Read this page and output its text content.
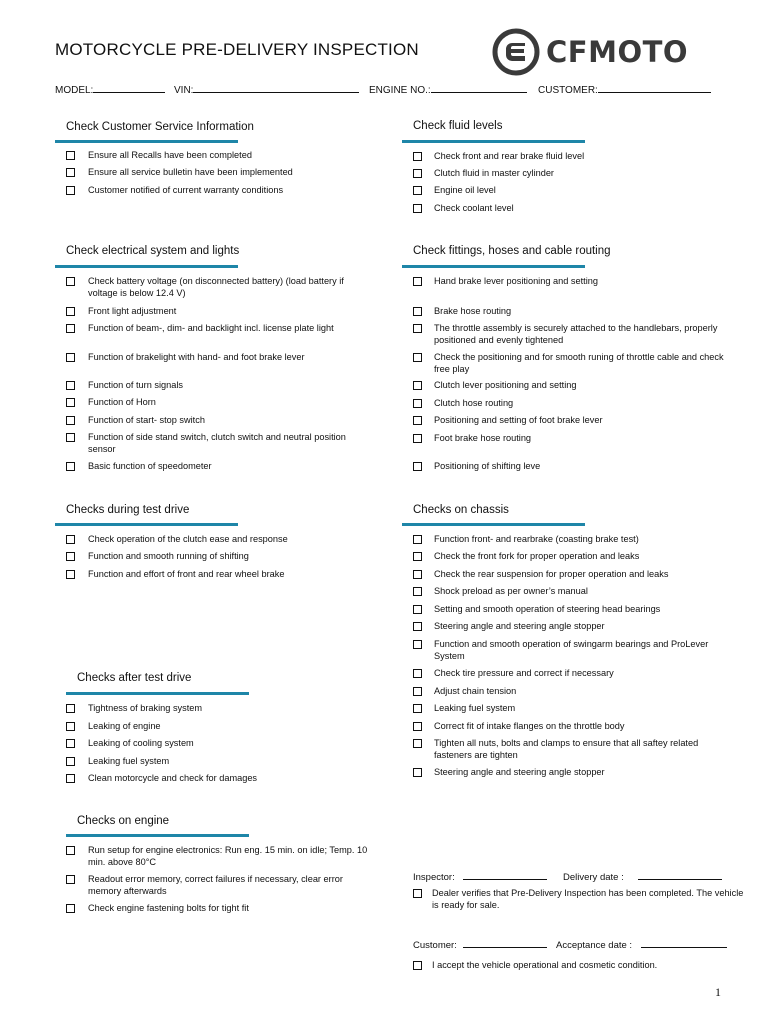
MOTORCYCLE PRE-DELIVERY INSPECTION	CFMOTO
MODEL:	VIN:	ENGINE NO.:	CUSTOMER:
Check Customer Service Information
Ensure all Recalls have been completed
Ensure all service bulletin have been implemented
Customer notified of current warranty conditions
Check fluid levels
Check front and rear brake fluid level
Clutch fluid in master cylinder
Engine oil level
Check coolant level
Check electrical system and lights
Check battery voltage (on disconnected battery) (load battery if voltage is below 12.4 V)
Front light adjustment
Function of beam-, dim- and backlight incl. license plate light
Function of brakelight with hand- and foot brake lever
Function of turn signals
Function of Horn
Function of start- stop switch
Function of side stand switch, clutch switch and neutral position sensor
Basic function of speedometer
Check fittings, hoses and cable routing
Hand brake lever positioning and setting
Brake hose routing
The throttle assembly is securely attached to the handlebars, properly positioned and evenly tightened
Check the positioning and for smooth runing of throttle cable and check free play
Clutch lever positioning and setting
Clutch hose routing
Positioning and setting of foot brake lever
Foot brake hose routing
Positioning of shifting leve
Checks during test drive
Check operation of the clutch ease and response
Function and smooth running of shifting
Function and effort of front and rear wheel brake
Checks on chassis
Function front- and rearbrake (coasting brake test)
Check the front fork for proper operation and leaks
Check the rear suspension for proper operation and leaks
Shock preload as per owner’s manual
Setting and smooth operation of steering head bearings
Steering angle and steering angle stopper
Function and smooth operation of swingarm bearings and ProLever System
Check tire pressure and correct if necessary
Adjust chain tension
Leaking fuel system
Correct fit of intake flanges on the throttle body
Tighten all nuts, bolts and clamps to ensure that all saftey related fasteners are tighten
Steering angle and steering angle stopper
Checks after test drive
Tightness of braking system
Leaking of engine
Leaking of cooling system
Leaking fuel system
Clean motorcycle and check for damages
Checks on engine
Run setup for engine electronics: Run eng. 15 min. on idle; Temp. 10 min. above 80°C
Readout error memory, correct failures if necessary, clear error memory afterwards
Check engine fastening bolts for tight fit
Inspector:	Delivery date :
Dealer verifies that Pre-Delivery Inspection has been completed. The vehicle is ready for sale.
Customer:	Acceptance date :
I accept the vehicle operational and cosmetic condition.
1
